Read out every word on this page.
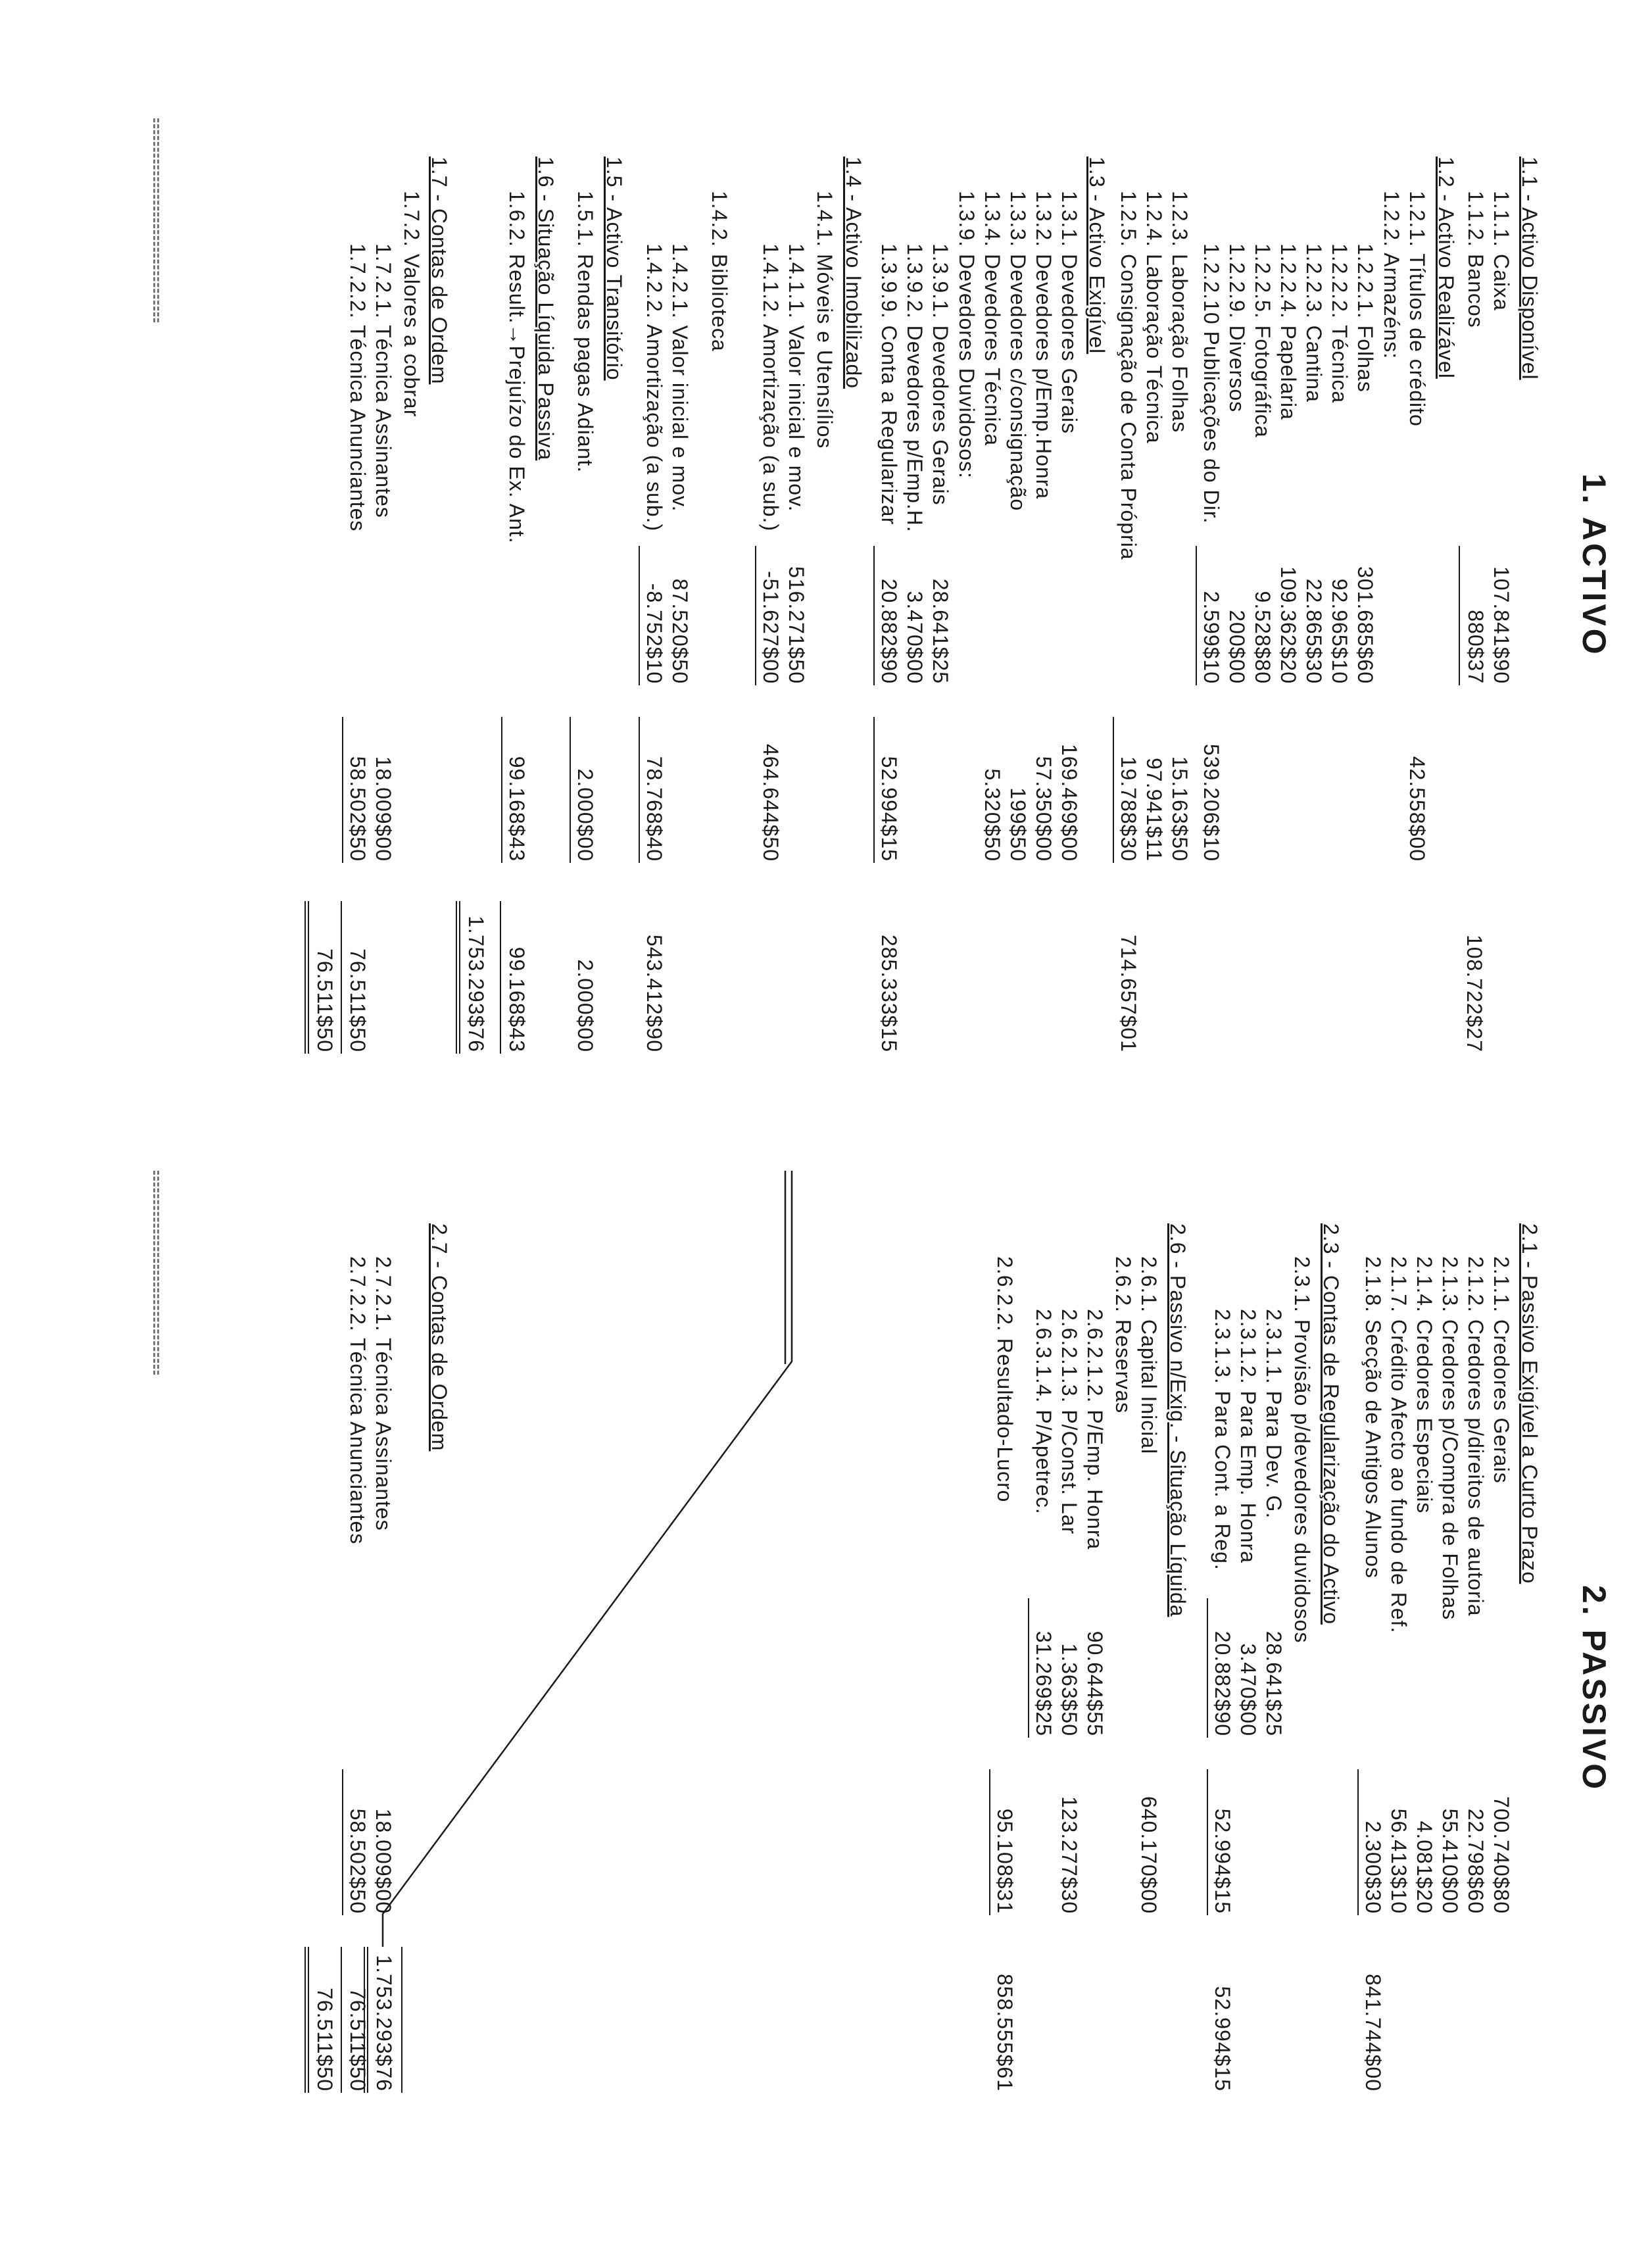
1. ACTIVO
1.1 - Activo Disponível
1.1.1. Caixa
1.1.2. Bancos
107.841$90
880$37
108.722$27
1.2 - Activo Realizável
1.2.1. Títulos de crédito
42.558$00
1.2.2. Armazéns:
1.2.2.1. Folhas
1.2.2.2. Técnica
1.2.2.3. Cantina
1.2.2.4. Papelaria
1.2.2.5. Fotográfica
1.2.2.9. Diversos
1.2.2.10 Publicações do Dir.
301.685$60
92.965$10
22.865$30
109.362$20
9.528$80
200$00
2.599$10
539.206$10
1.2.3. Laboração Folhas
1.2.4. Laboração Técnica
1.2.5. Consignação de Conta Própria
15.163$50
97.941$11
19.788$30
714.657$01
1.3 - Activo Exigível
1.3.1. Devedores Gerais
1.3.2. Devedores p/Emp.Honra
1.3.3. Devedores c/consignação
1.3.4. Devedores Técnica
1.3.9. Devedores Duvidosos:
169.469$00
57.350$00
199$50
5.320$50
1.3.9.1. Devedores Gerais
1.3.9.2. Devedores p/Emp.H.
1.3.9.9. Conta a Regularizar
28.641$25
3.470$00
20.882$90
52.994$15
285.333$15
1.4 - Activo Imobilizado
1.4.1. Móveis e Utensílios
1.4.1.1. Valor inicial e mov.
1.4.1.2. Amortização (a sub.)
516.271$50
-51.627$00
464.644$50
1.4.2. Biblioteca
1.4.2.1. Valor inicial e mov.
1.4.2.2. Amortização (a sub.)
87.520$50
-8.752$10
78.768$40
543.412$90
1.5 - Activo Transitório
1.5.1. Rendas pagas Adiant.
2.000$00
2.000$00
1.6 - Situação Líquida Passiva
1.6.2. Result.→Prejuízo do Ex. Ant.
99.168$43
99.168$43
1.753.293$76
1.7 - Contas de Ordem
1.7.2. Valores a cobrar
1.7.2.1. Técnica Assinantes
1.7.2.2. Técnica Anunciantes
18.009$00
58.502$50
76.511$50
76.511$50
2. PASSIVO
2.1 - Passivo Exigível a Curto Prazo
2.1.1. Credores Gerais
2.1.2. Credores p/direitos de autoria
2.1.3. Credores p/Compra de Folhas
2.1.4. Credores Especiais
2.1.7. Crédito Afecto ao fundo de Ref.
2.1.8. Secção de Antigos Alunos
700.740$80
22.798$60
55.410$00
4.081$20
56.413$10
2.300$30
841.744$00
2.3 - Contas de Regularização do Activo
2.3.1. Provisão p/devedores duvidosos
2.3.1.1. Para Dev. G.
2.3.1.2. Para Emp. Honra
2.3.1.3. Para Cont. a Reg.
28.641$25
3.470$00
20.882$90
52.994$15
52.994$15
2.6 - Passivo n/Exig. - Situação Líquida
2.6.1. Capital Inicial
640.170$00
2.6.2. Reservas
2.6.2.1.2. P/Emp. Honra
2.6.2.1.3. P/Const. Lar
2.6.3.1.4. P/Apetrec.
90.644$55
1.363$50
31.269$25
123.277$30
2.6.2.2. Resultado-Lucro
95.108$31
858.555$61
1.753.293$76
2.7 - Contas de Ordem
2.7.2.1. Técnica Assinantes
2.7.2.2. Técnica Anunciantes
18.009$00
58.502$50
76.511$50
76.511$50
